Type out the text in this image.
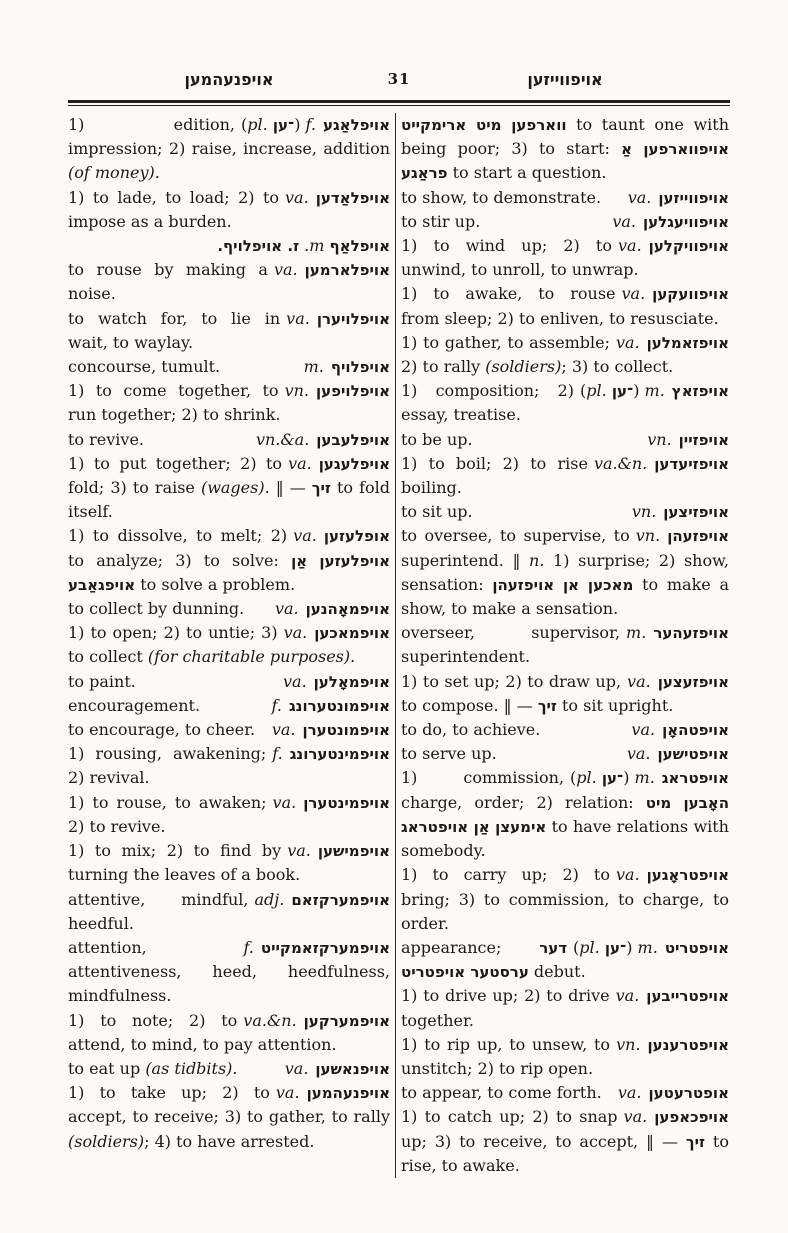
אויפנעהמען	31	אויפווייזען
אויפלאַגע
(pl. ־ען) f.
1) edition, impression; 2) raise, increase, addition (of money).
אויפלאַדען
va.
1) to lade, to load; 2) to impose as a burden.
אויפלאַף m. ז. אויפלויף.
אויפלארמען
va.
to rouse by making a noise.
אויפלויערן
va.
to watch for, to lie in wait, to waylay.
אויפלויף
m.
concourse, tumult.
אויפלויפען
vn.
1) to come together, to run together; 2) to shrink.
אויפלעבען
vn.&a.
to revive.
אויפלעגען
va.
1) to put together; 2) to fold; 3) to raise (wages). ‖ — זיך to fold itself.
אופלעזען
va.
1) to dissolve, to melt; 2) to analyze; 3) to solve: אויפלעזען אַן אויפגאַבע to solve a problem.
אויפמאָהנען
va.
to collect by dunning.
אויפמאכען
va.
1) to open; 2) to untie; 3) to collect (for charitable purposes).
אויפמאָלען
va.
to paint.
אויפמונטערונג
f.
encouragement.
אויפמונטערן
va.
to encourage, to cheer.
אויפמינטערונג
f.
1) rousing, awakening; 2) revival.
אויפמינטערן
va.
1) to rouse, to awaken; 2) to revive.
אויפמישען
va.
1) to mix; 2) to find by turning the leaves of a book.
אויפמערקזאם
adj.
attentive, mindful, heedful.
אויפמערקזאמקייט
f.
attention, attentiveness, heed, heedfulness, mindfulness.
אויפמערקען
va.&n.
1) to note; 2) to attend, to mind, to pay attention.
אויפנאשען
va.
to eat up (as tidbits).
אויפנעהמען
va.
1) to take up; 2) to accept, to receive; 3) to gather, to rally (soldiers); 4) to have arrested.
ווארפען מיט ארימקייט to taunt one with being poor; 3) to start: אויפווארפען אַ פראַגע to start a question.
אויפווייזען
va.
to show, to demonstrate.
אויפוויעגלען
va.
to stir up.
אויפוויקלען
va.
1) to wind up; 2) to unwind, to unroll, to unwrap.
אויפוועקען
va.
1) to awake, to rouse from sleep; 2) to enliven, to resusciate.
אויפזאמלען
va.
1) to gather, to assemble; 2) to rally (soldiers); 3) to collect.
אויפזאץ
(pl. ־ען) m.
1) composition; 2) essay, treatise.
אויפזיין
vn.
to be up.
אויפזיעדען
va.&n.
1) to boil; 2) to rise boiling.
אויפזיצען
vn.
to sit up.
אויפזעהן
vn.
to oversee, to supervise, to superintend. ‖ n. 1) surprise; 2) show, sensation: מאכען אן אויפזעהן to make a show, to make a sensation.
אויפזעהער
m.
overseer, supervisor, superintendent.
אויפזעצען
va.
1) to set up; 2) to draw up, to compose. ‖ — זיך to sit upright.
אויפטהאָן
va.
to do, to achieve.
אויפטישען
va.
to serve up.
אויפטראג
(pl. ־ען) m.
1) commission, charge, order; 2) relation: האָבען מיט אימעצן אַן אויפטראג to have relations with somebody.
אויפטראָגען
va.
1) to carry up; 2) to bring; 3) to commission, to charge, to order.
אויפטריט
(pl. ־ען) m.
appearance; דער ערסטער אויפטריט debut.
אויפטרייבען
va.
1) to drive up; 2) to drive together.
אויפטרענען
vn.
1) to rip up, to unsew, to unstitch; 2) to rip open.
אופטרעטען
va.
to appear, to come forth.
אויפכאפען
va.
1) to catch up; 2) to snap up; 3) to receive, to accept, ‖ — זיך to rise, to awake.
